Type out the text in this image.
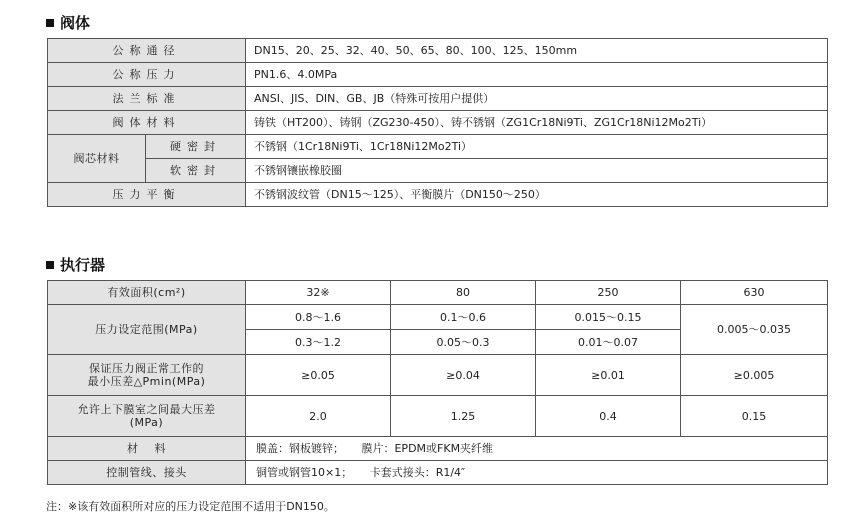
阀体
公称通径		DN15、20、25、32、40、50、65、80、100、125、150mm
公称压力		PN1.6、4.0MPa
法兰标准		ANSI、JIS、DIN、GB、JB（特殊可按用户提供）
阀体材料		铸铁（HT200）、铸钢（ZG230-450）、铸不锈钢（ZG1Cr18Ni9Ti、ZG1Cr18Ni12Mo2Ti）
阀芯材料	硬密封	不锈钢（1Cr18Ni9Ti、1Cr18Ni12Mo2Ti）
	软密封	不锈钢镶嵌橡胶圈
压力平衡		不锈钢波纹管（DN15～125）、平衡膜片（DN150～250）
执行器
有效面积(cm²)	32※	80	250	630
压力设定范围(MPa)	0.8～1.6	0.1～0.6	0.015～0.15	0.005～0.035
	0.3～1.2	0.05～0.3	0.01～0.07	

保证压力阀正常工作的
最小压差△Pmin(MPa)	≥0.05	≥0.04	≥0.01	≥0.005

允许上下膜室之间最大压差
(MPa)	2.0	1.25	0.4	0.15
材    料	膜盖：钢板镀锌；     膜片：EPDM或FKM夹纤维			
控制管线、接头	铜管或钢管10×1；     卡套式接头：R1/4″			
注：※该有效面积所对应的压力设定范围不适用于DN150。
